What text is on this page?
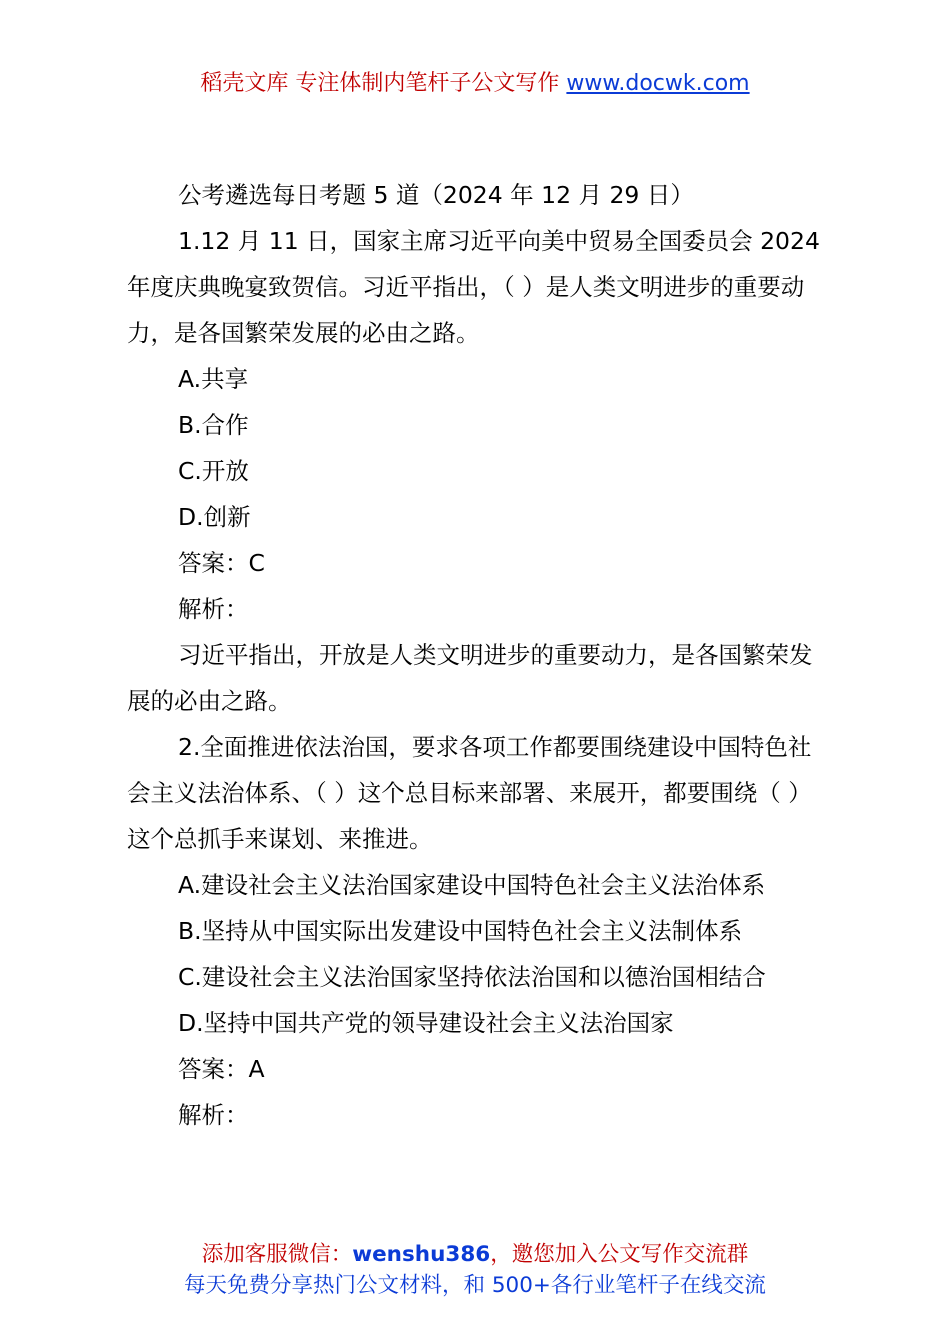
稻壳文库 专注体制内笔杆子公文写作 www.docwk.com

公考遴选每日考题 5 道（2024 年 12 月 29 日）

1.12 月 11 日，国家主席习近平向美中贸易全国委员会 2024 年度庆典晚宴致贺信。习近平指出，（ ）是人类文明进步的重要动力，是各国繁荣发展的必由之路。

A.共享

B.合作

C.开放

D.创新

答案：C

解析：

习近平指出，开放是人类文明进步的重要动力，是各国繁荣发展的必由之路。

2.全面推进依法治国，要求各项工作都要围绕建设中国特色社会主义法治体系、（ ）这个总目标来部署、来展开，都要围绕（ ）这个总抓手来谋划、来推进。

A.建设社会主义法治国家建设中国特色社会主义法治体系

B.坚持从中国实际出发建设中国特色社会主义法制体系

C.建设社会主义法治国家坚持依法治国和以德治国相结合

D.坚持中国共产党的领导建设社会主义法治国家

答案：A

解析：

添加客服微信：wenshu386，邀您加入公文写作交流群
每天免费分享热门公文材料，和 500+各行业笔杆子在线交流
